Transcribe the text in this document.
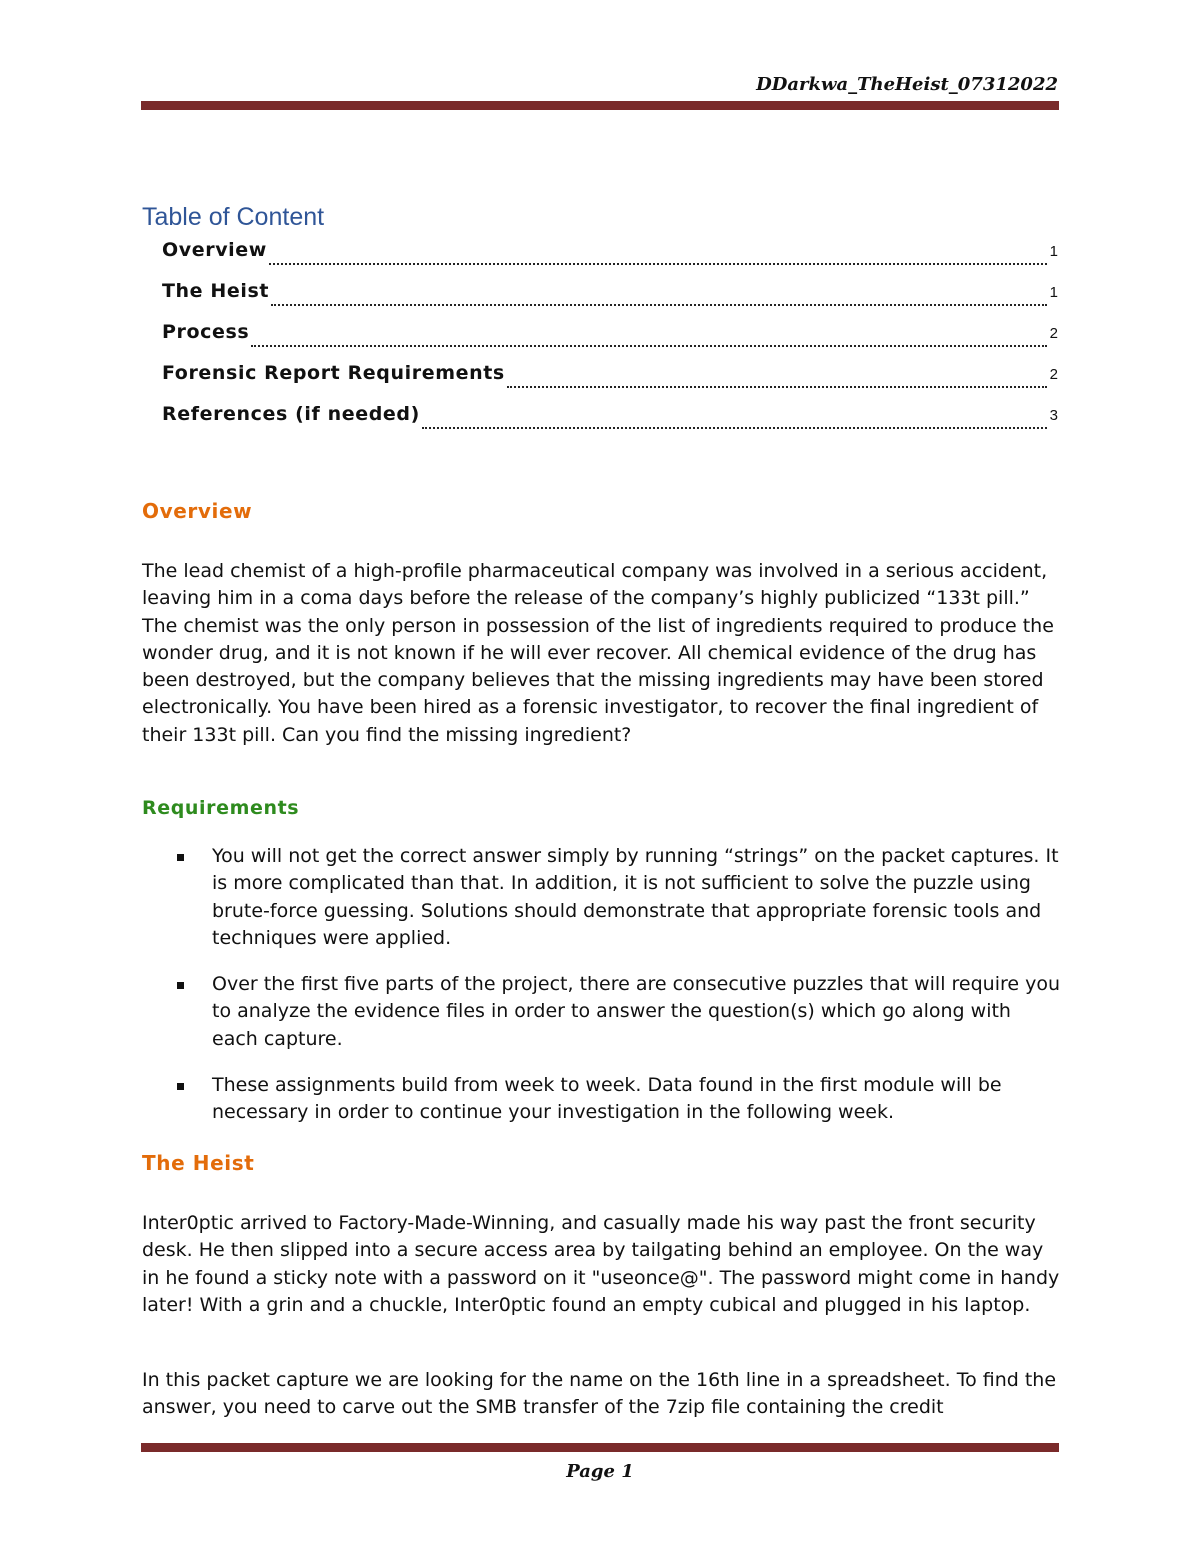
DDarkwa_TheHeist_07312022
Table of Content
Overview	1
The Heist	1
Process	2
Forensic Report Requirements	2
References (if needed)	3
Overview

The lead chemist of a high-profile pharmaceutical company was involved in a serious accident, leaving him in a coma days before the release of the company’s highly publicized “133t pill.” The chemist was the only person in possession of the list of ingredients required to produce the wonder drug, and it is not known if he will ever recover. All chemical evidence of the drug has been destroyed, but the company believes that the missing ingredients may have been stored electronically. You have been hired as a forensic investigator, to recover the final ingredient of their 133t pill. Can you find the missing ingredient?

Requirements
You will not get the correct answer simply by running “strings” on the packet captures. It is more complicated than that. In addition, it is not sufficient to solve the puzzle using brute-force guessing. Solutions should demonstrate that appropriate forensic tools and techniques were applied.
Over the first five parts of the project, there are consecutive puzzles that will require you to analyze the evidence files in order to answer the question(s) which go along with each capture.
These assignments build from week to week. Data found in the first module will be necessary in order to continue your investigation in the following week.
The Heist

Inter0ptic arrived to Factory-Made-Winning, and casually made his way past the front security desk. He then slipped into a secure access area by tailgating behind an employee. On the way in he found a sticky note with a password on it "useonce@". The password might come in handy later! With a grin and a chuckle, Inter0ptic found an empty cubical and plugged in his laptop.

In this packet capture we are looking for the name on the 16th line in a spreadsheet. To find the answer, you need to carve out the SMB transfer of the 7zip file containing the credit

Page 1
